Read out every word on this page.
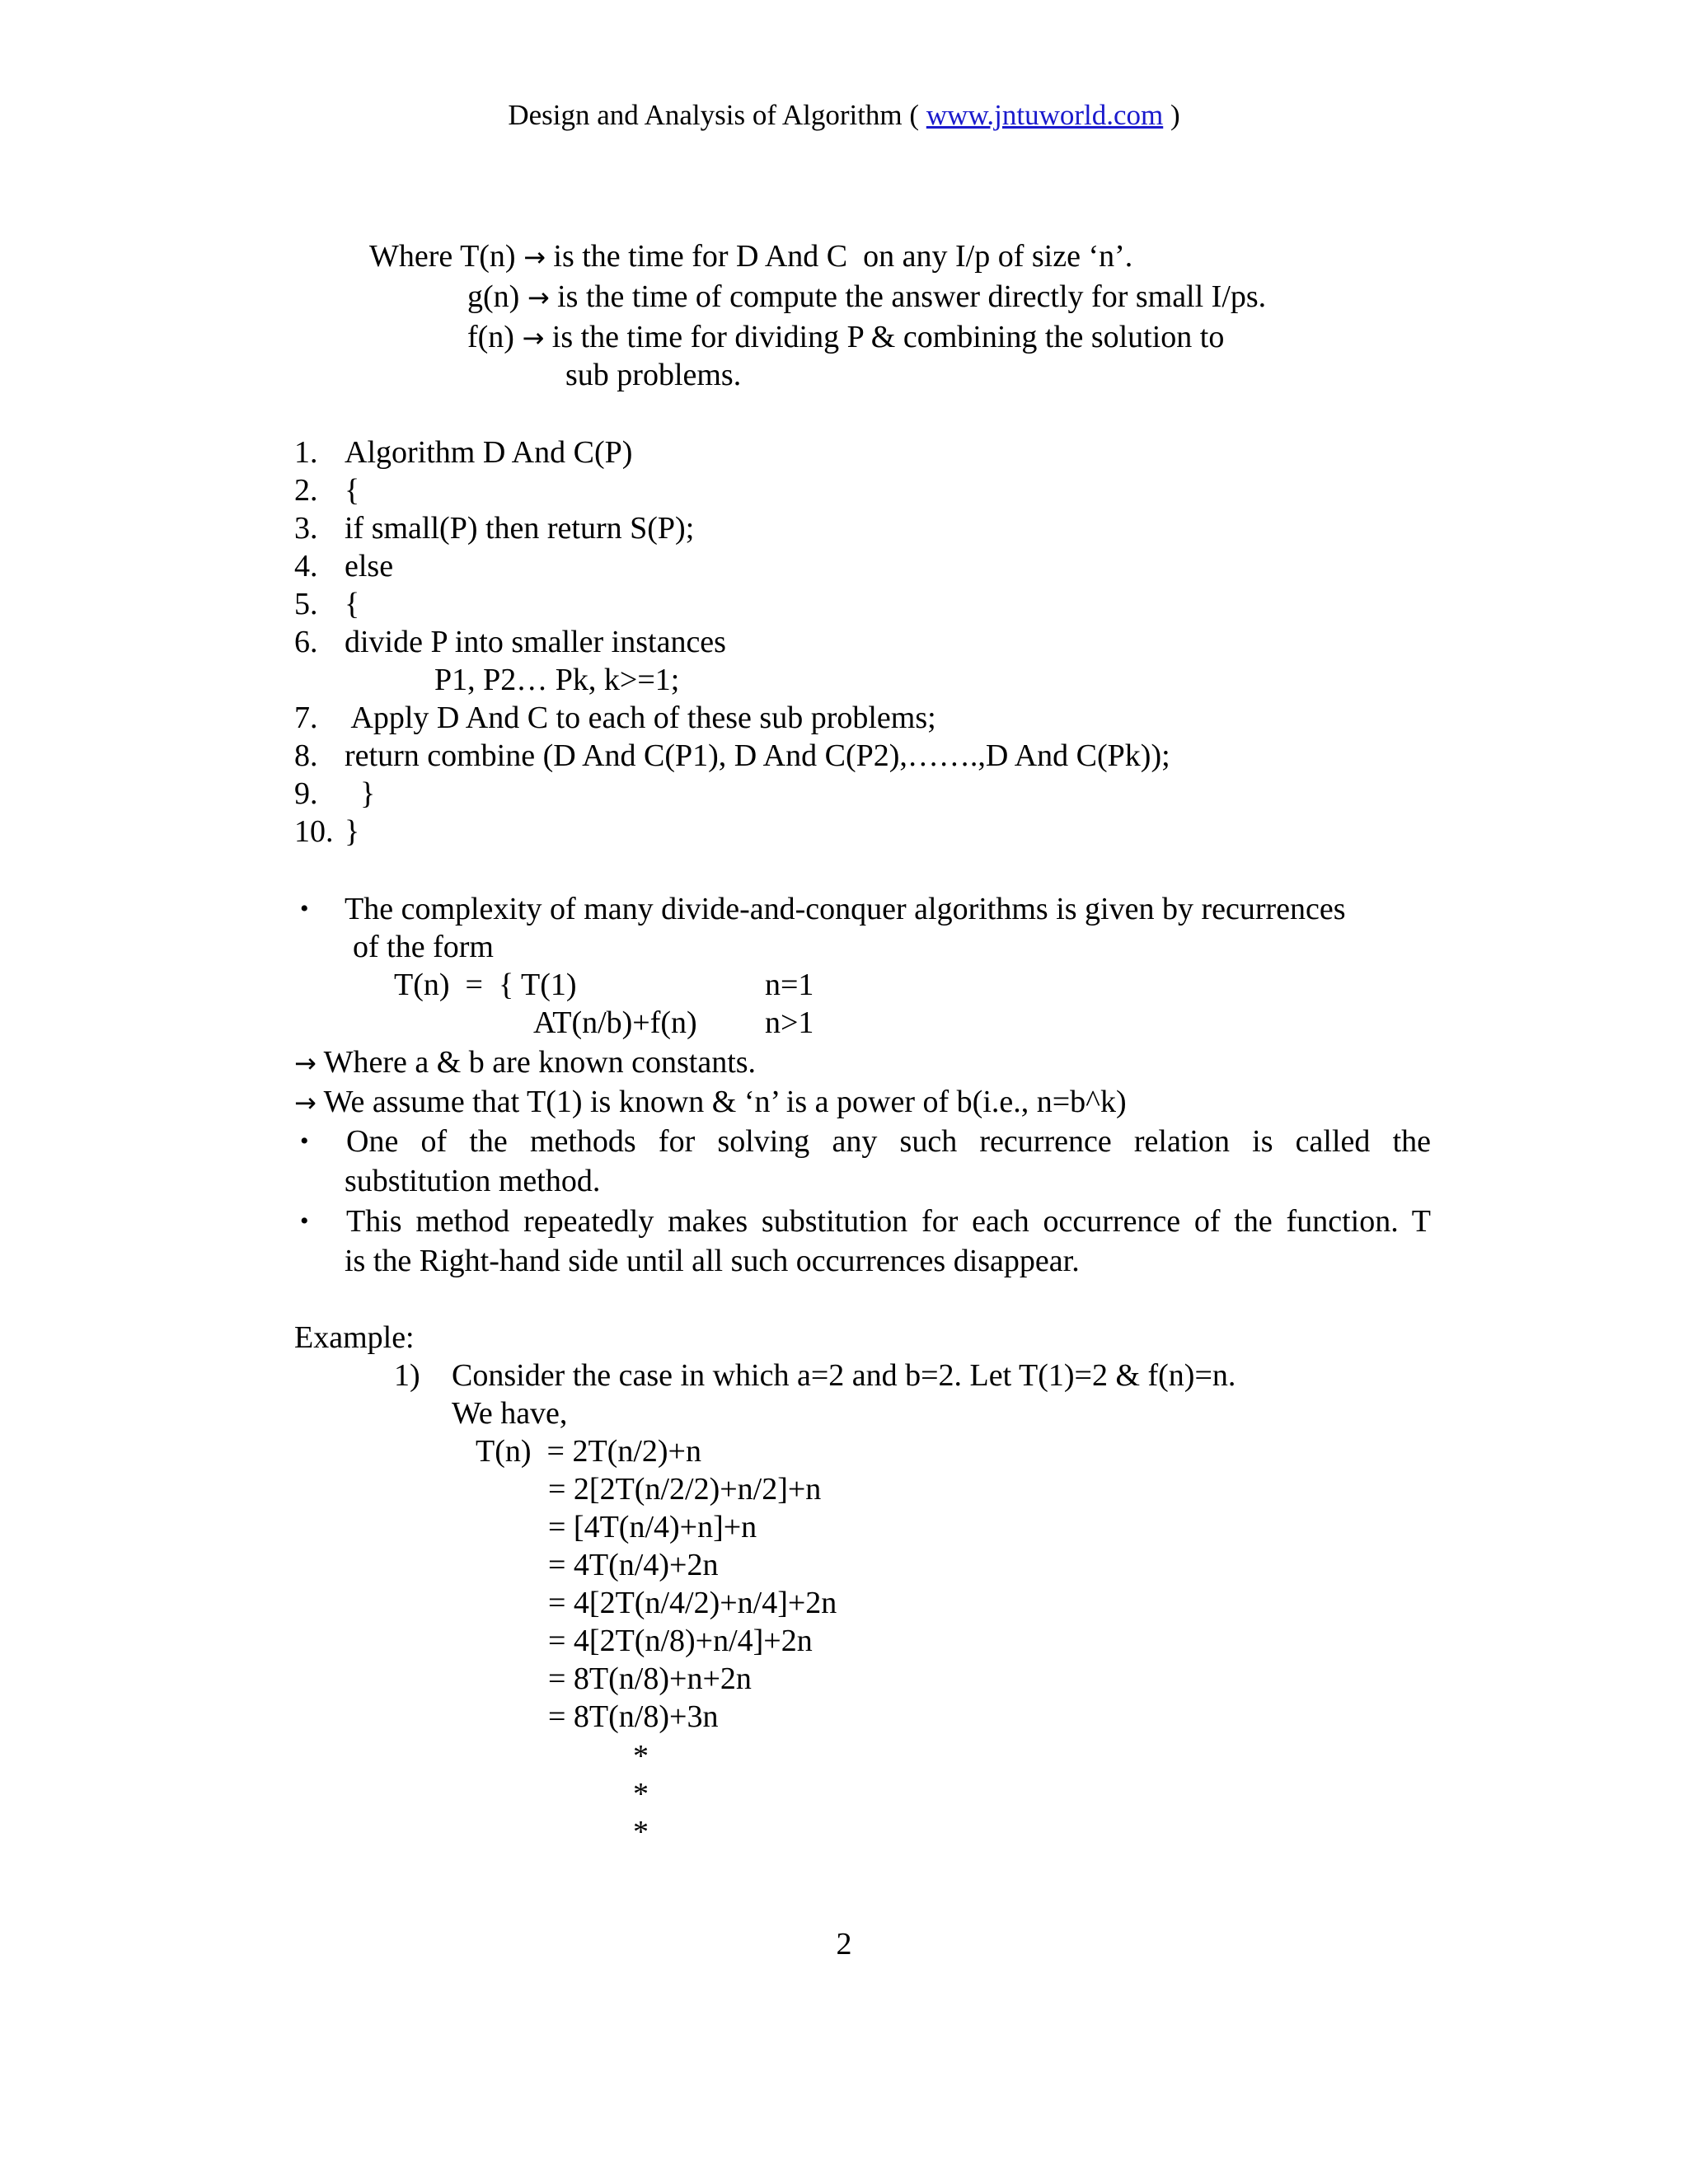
Design and Analysis of Algorithm ( www.jntuworld.com )
Where T(n) → is the time for D And C  on any I/p of size ‘n’.
g(n) → is the time of compute the answer directly for small I/ps.
f(n) → is the time for dividing P & combining the solution to
sub problems.
1. Algorithm D And C(P)
2. {
3. if small(P) then return S(P);
4. else
5. {
6. divide P into smaller instances
P1, P2… Pk, k>=1;
7. Apply D And C to each of these sub problems;
8. return combine (D And C(P1), D And C(P2),…….,D And C(Pk));
9. }
10. }
• The complexity of many divide-and-conquer algorithms is given by recurrences
of the form
T(n)  =  { T(1)	n=1
AT(n/b)+f(n) n>1
→ Where a & b are known constants.
→ We assume that T(1) is known & ‘n’ is a power of b(i.e., n=b^k)
• One of the methods for solving any such recurrence relation is called the
substitution method.
• This method repeatedly makes substitution for each occurrence of the function. T
is the Right-hand side until all such occurrences disappear.
Example:
1) Consider the case in which a=2 and b=2. Let T(1)=2 & f(n)=n.
We have,
T(n)  = 2T(n/2)+n
= 2[2T(n/2/2)+n/2]+n
= [4T(n/4)+n]+n
= 4T(n/4)+2n
= 4[2T(n/4/2)+n/4]+2n
= 4[2T(n/8)+n/4]+2n
= 8T(n/8)+n+2n
= 8T(n/8)+3n
*
*
*
2
